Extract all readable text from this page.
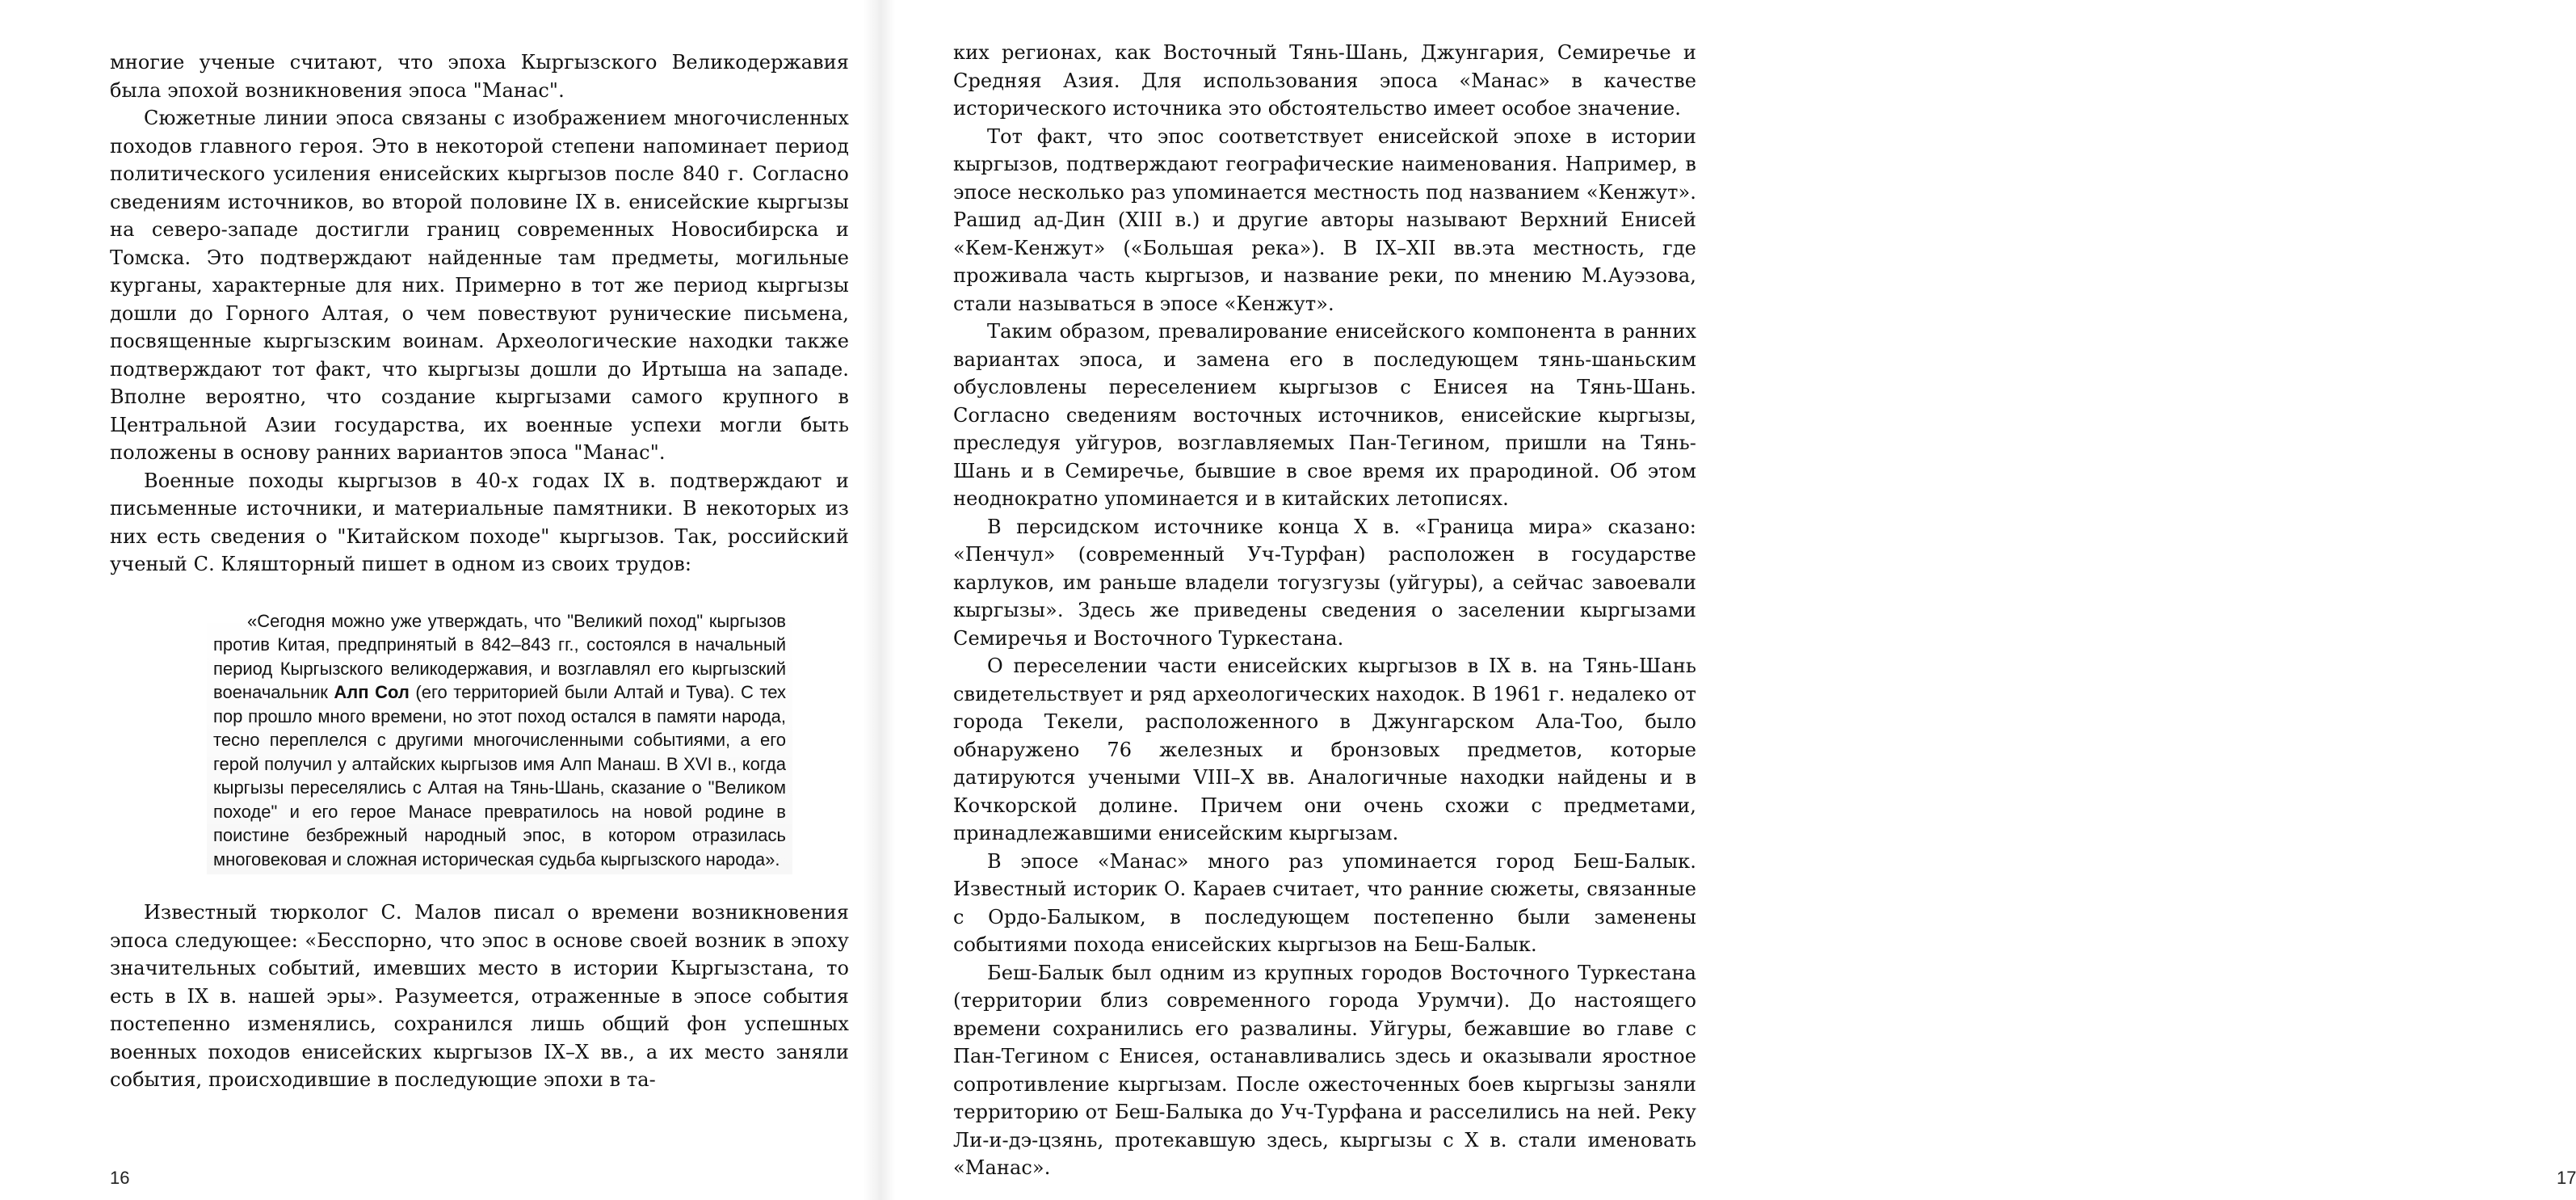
многие ученые считают, что эпоха Кыргызского Великодержавия была эпохой возникновения эпоса "Манас".

Сюжетные линии эпоса связаны с изображением многочисленных походов главного героя. Это в некоторой степени напоминает период политического усиления енисейских кыргызов после 840 г. Согласно сведениям источников, во второй половине IX в. енисейские кыргызы на северо-западе достигли границ современных Новосибирска и Томска. Это подтверждают найденные там предметы, могильные курганы, характерные для них. Примерно в тот же период кыргызы дошли до Горного Алтая, о чем повествуют рунические письмена, посвященные кыргызским воинам. Археологические находки также подтверждают тот факт, что кыргызы дошли до Иртыша на западе. Вполне вероятно, что создание кыргызами самого крупного в Центральной Азии государства, их военные успехи могли быть положены в основу ранних вариантов эпоса "Манас".

Военные походы кыргызов в 40-х годах IX в. подтверждают и письменные источники, и материальные памятники. В некоторых из них есть сведения о "Китайском походе" кыргызов. Так, российский ученый С. Кляшторный пишет в одном из своих трудов:

«Сегодня можно уже утверждать, что "Великий поход" кыргызов против Китая, предпринятый в 842–843 гг., состоялся в начальный период Кыргызского великодержавия, и возглавлял его кыргызский военачальник Алп Сол (его территорией были Алтай и Тува). С тех пор прошло много времени, но этот поход остался в памяти народа, тесно переплелся с другими многочисленными событиями, а его герой получил у алтайских кыргызов имя Алп Манаш. В XVI в., когда кыргызы переселялись с Алтая на Тянь-Шань, сказание о "Великом походе" и его герое Манасе превратилось на новой родине в поистине безбрежный народный эпос, в котором отразилась многовековая и сложная историческая судьба кыргызского народа».

Известный тюрколог С. Малов писал о времени возникновения эпоса следующее: «Бесспорно, что эпос в основе своей возник в эпоху значительных событий, имевших место в истории Кыргызстана, то есть в IX в. нашей эры». Разумеется, отраженные в эпосе события постепенно изменялись, сохранился лишь общий фон успешных военных походов енисейских кыргызов IX–X вв., а их место заняли события, происходившие в последующие эпохи в та-

16	17

ких регионах, как Восточный Тянь-Шань, Джунгария, Семиречье и Средняя Азия. Для использования эпоса «Манас» в качестве исторического источника это обстоятельство имеет особое значение.

Тот факт, что эпос соответствует енисейской эпохе в истории кыргызов, подтверждают географические наименования. Например, в эпосе несколько раз упоминается местность под названием «Кенжут». Рашид ад-Дин (XIII в.) и другие авторы называют Верхний Енисей «Кем-Кенжут» («Большая река»). В IX–XII вв.эта местность, где проживала часть кыргызов, и название реки, по мнению М.Ауэзова, стали называться в эпосе «Кенжут».

Таким образом, превалирование енисейского компонента в ранних вариантах эпоса, и замена его в последующем тянь-шаньским обусловлены переселением кыргызов с Енисея на Тянь-Шань. Согласно сведениям восточных источников, енисейские кыргызы, преследуя уйгуров, возглавляемых Пан-Тегином, пришли на Тянь-Шань и в Семиречье, бывшие в свое время их прародиной. Об этом неоднократно упоминается и в китайских летописях.

В персидском источнике конца X в. «Граница мира» сказано: «Пенчул» (современный Уч-Турфан) расположен в государстве карлуков, им раньше владели тогузгузы (уйгуры), а сейчас завоевали кыргызы». Здесь же приведены сведения о заселении кыргызами Семиречья и Восточного Туркестана.

О переселении части енисейских кыргызов в IX в. на Тянь-Шань свидетельствует и ряд археологических находок. В 1961 г. недалеко от города Текели, расположенного в Джунгарском Ала-Тоо, было обнаружено 76 железных и бронзовых предметов, которые датируются учеными VIII–X вв. Аналогичные находки найдены и в Кочкорской долине. Причем они очень схожи с предметами, принадлежавшими енисейским кыргызам.

В эпосе «Манас» много раз упоминается город Беш-Балык. Известный историк О. Караев считает, что ранние сюжеты, связанные с Ордо-Балыком, в последующем постепенно были заменены событиями похода енисейских кыргызов на Беш-Балык.

Беш-Балык был одним из крупных городов Восточного Туркестана (территории близ современного города Урумчи). До настоящего времени сохранились его развалины. Уйгуры, бежавшие во главе с Пан-Тегином с Енисея, останавливались здесь и оказывали яростное сопротивление кыргызам. После ожесточенных боев кыргызы заняли территорию от Беш-Балыка до Уч-Турфана и расселились на ней. Реку Ли-и-дэ-цзянь, протекавшую здесь, кыргызы с X в. стали именовать «Манас».
